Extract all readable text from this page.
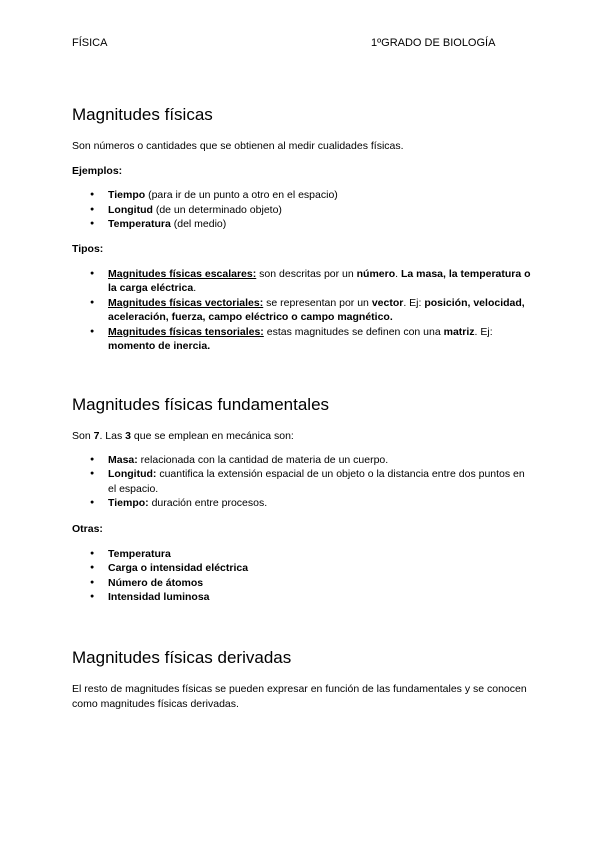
FÍSICA	1ºGRADO DE BIOLOGÍA
Magnitudes físicas

Son números o cantidades que se obtienen al medir cualidades físicas.

Ejemplos:

● Tiempo (para ir de un punto a otro en el espacio)
● Longitud (de un determinado objeto)
● Temperatura (del medio)

Tipos:

● Magnitudes físicas escalares: son descritas por un número. La masa, la temperatura o la carga eléctrica.
● Magnitudes físicas vectoriales: se representan por un vector. Ej: posición, velocidad, aceleración, fuerza, campo eléctrico o campo magnético.
● Magnitudes físicas tensoriales: estas magnitudes se definen con una matriz. Ej: momento de inercia.
Magnitudes físicas fundamentales

Son 7. Las 3 que se emplean en mecánica son:

● Masa: relacionada con la cantidad de materia de un cuerpo.
● Longitud: cuantifica la extensión espacial de un objeto o la distancia entre dos puntos en el espacio.
● Tiempo: duración entre procesos.

Otras:

● Temperatura
● Carga o intensidad eléctrica
● Número de átomos
● Intensidad luminosa
Magnitudes físicas derivadas

El resto de magnitudes físicas se pueden expresar en función de las fundamentales y se conocen como magnitudes físicas derivadas.
